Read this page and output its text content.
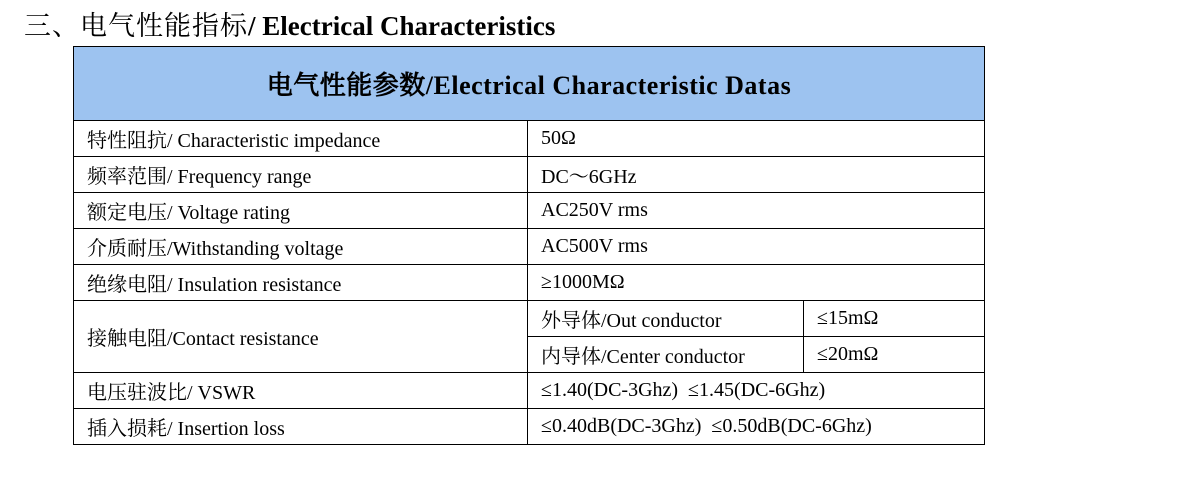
三、电气性能指标/ Electrical Characteristics
电气性能参数/Electrical Characteristic Datas		
特性阻抗/ Characteristic impedance	50Ω	
频率范围/ Frequency range	DC～6GHz	
额定电压/ Voltage rating	AC250V rms	
介质耐压/Withstanding voltage	AC500V rms	
绝缘电阻/ Insulation resistance	≥1000MΩ	
接触电阻/Contact resistance	外导体/Out conductor	≤15mΩ
	内导体/Center conductor	≤20mΩ
电压驻波比/ VSWR	≤1.40(DC-3Ghz)  ≤1.45(DC-6Ghz)	
插入损耗/ Insertion loss	≤0.40dB(DC-3Ghz)  ≤0.50dB(DC-6Ghz)	
